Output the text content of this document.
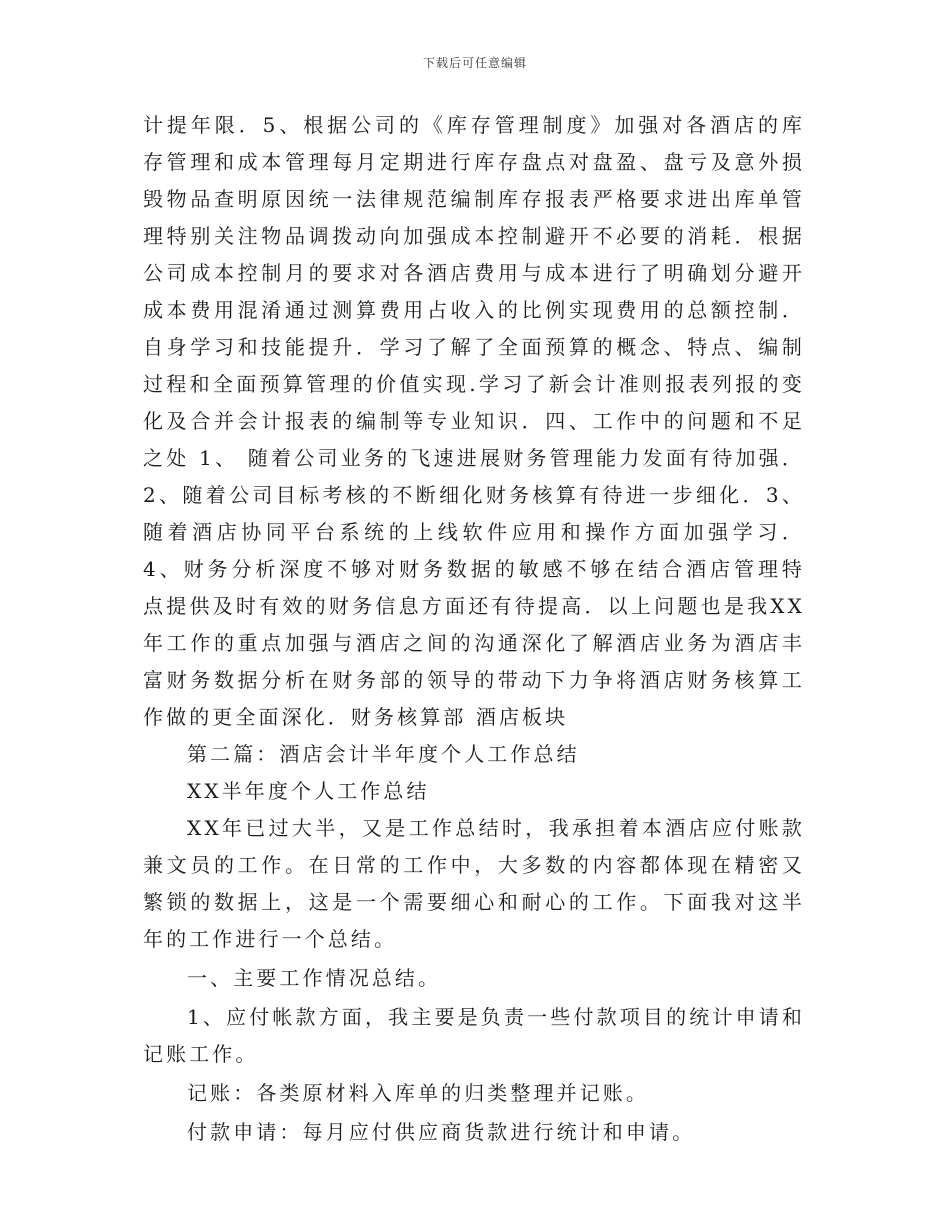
下载后可任意编辑

计提年限．5、根据公司的《库存管理制度》加强对各酒店的库存管理和成本管理每月定期进行库存盘点对盘盈、盘亏及意外损毁物品查明原因统一法律规范编制库存报表严格要求进出库单管理特别关注物品调拨动向加强成本控制避开不必要的消耗．根据公司成本控制月的要求对各酒店费用与成本进行了明确划分避开成本费用混淆通过测算费用占收入的比例实现费用的总额控制．自身学习和技能提升．学习了解了全面预算的概念、特点、编制过程和全面预算管理的价值实现.学习了新会计准则报表列报的变化及合并会计报表的编制等专业知识．四、工作中的问题和不足之处 1、 随着公司业务的飞速进展财务管理能力发面有待加强．2、随着公司目标考核的不断细化财务核算有待进一步细化．3、随着酒店协同平台系统的上线软件应用和操作方面加强学习．4、财务分析深度不够对财务数据的敏感不够在结合酒店管理特点提供及时有效的财务信息方面还有待提高．以上问题也是我XX年工作的重点加强与酒店之间的沟通深化了解酒店业务为酒店丰富财务数据分析在财务部的领导的带动下力争将酒店财务核算工作做的更全面深化．财务核算部 酒店板块

第二篇：酒店会计半年度个人工作总结

XX半年度个人工作总结

XX年已过大半，又是工作总结时，我承担着本酒店应付账款兼文员的工作。在日常的工作中，大多数的内容都体现在精密又繁锁的数据上，这是一个需要细心和耐心的工作。下面我对这半年的工作进行一个总结。

一、主要工作情况总结。

1、应付帐款方面，我主要是负责一些付款项目的统计申请和记账工作。

记账：各类原材料入库单的归类整理并记账。

付款申请：每月应付供应商货款进行统计和申请。
